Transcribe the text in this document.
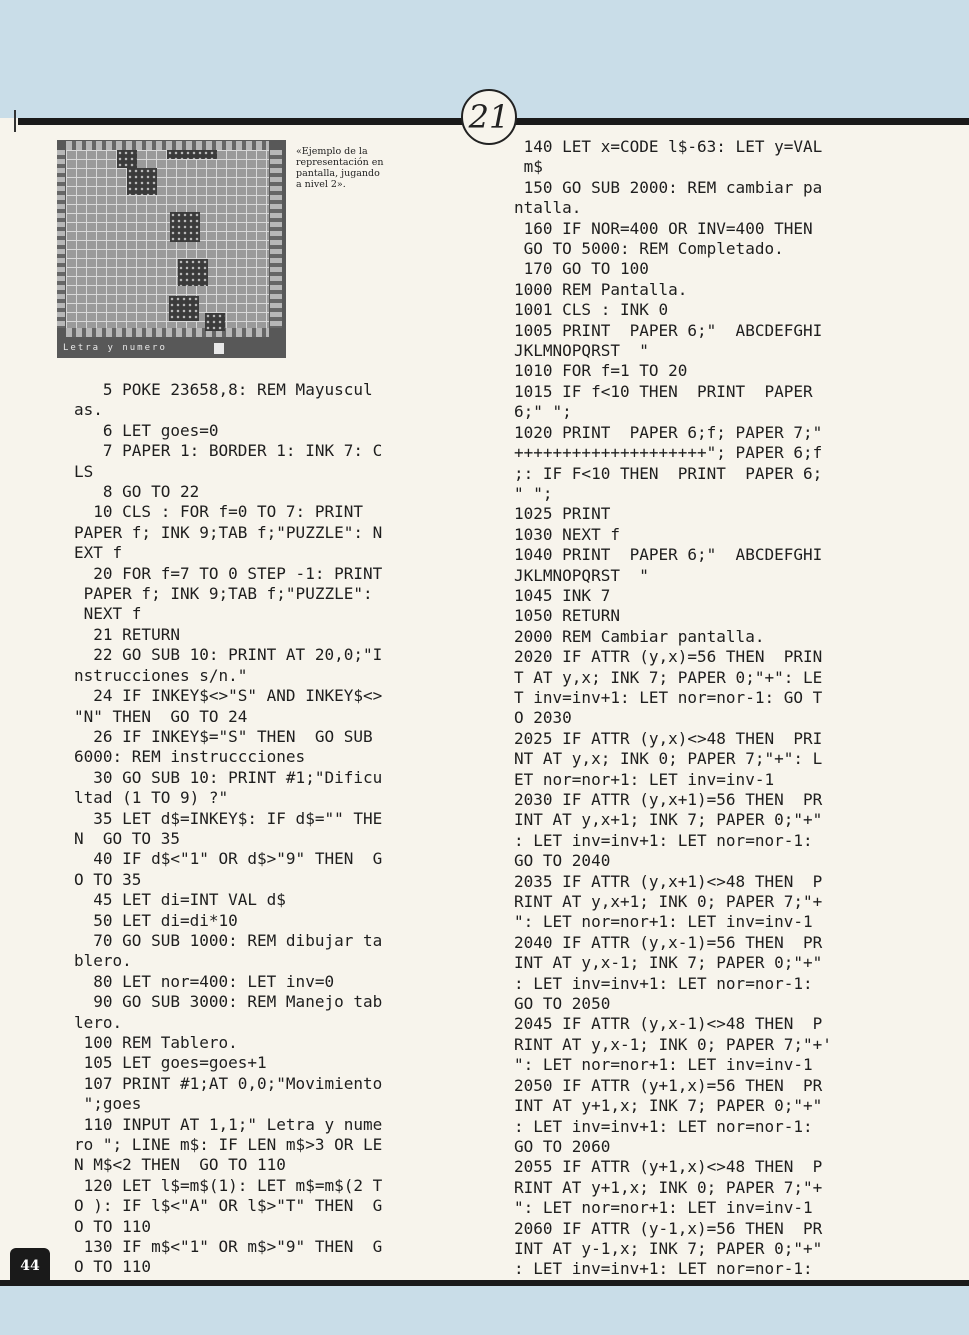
21
Letra y numero
«Ejemplo de la representación en pantalla, jugando a nivel 2».
5 POKE 23658,8: REM Mayuscul
as.
6 LET goes=0
7 PAPER 1: BORDER 1: INK 7: C
LS
8 GO TO 22
10 CLS : FOR f=0 TO 7: PRINT
PAPER f; INK 9;TAB f;"PUZZLE": N
EXT f
20 FOR f=7 TO 0 STEP -1: PRINT
PAPER f; INK 9;TAB f;"PUZZLE":
NEXT f
21 RETURN
22 GO SUB 10: PRINT AT 20,0;"I
nstrucciones s/n."
24 IF INKEY$<>"S" AND INKEY$<>
"N" THEN  GO TO 24
26 IF INKEY$="S" THEN  GO SUB
6000: REM instruccciones
30 GO SUB 10: PRINT #1;"Dificu
ltad (1 TO 9) ?"
35 LET d$=INKEY$: IF d$="" THE
N  GO TO 35
40 IF d$<"1" OR d$>"9" THEN  G
O TO 35
45 LET di=INT VAL d$
50 LET di=di*10
70 GO SUB 1000: REM dibujar ta
blero.
80 LET nor=400: LET inv=0
90 GO SUB 3000: REM Manejo tab
lero.
100 REM Tablero.
105 LET goes=goes+1
107 PRINT #1;AT 0,0;"Movimiento
";goes
110 INPUT AT 1,1;" Letra y nume
ro "; LINE m$: IF LEN m$>3 OR LE
N M$<2 THEN  GO TO 110
120 LET l$=m$(1): LET m$=m$(2 T
O ): IF l$<"A" OR l$>"T" THEN  G
O TO 110
130 IF m$<"1" OR m$>"9" THEN  G
O TO 110
140 LET x=CODE l$-63: LET y=VAL
m$
150 GO SUB 2000: REM cambiar pa
ntalla.
160 IF NOR=400 OR INV=400 THEN
GO TO 5000: REM Completado.
170 GO TO 100
1000 REM Pantalla.
1001 CLS : INK 0
1005 PRINT  PAPER 6;"  ABCDEFGHI
JKLMNOPQRST  "
1010 FOR f=1 TO 20
1015 IF f<10 THEN  PRINT  PAPER
6;" ";
1020 PRINT  PAPER 6;f; PAPER 7;"
++++++++++++++++++++"; PAPER 6;f
;: IF F<10 THEN  PRINT  PAPER 6;
" ";
1025 PRINT
1030 NEXT f
1040 PRINT  PAPER 6;"  ABCDEFGHI
JKLMNOPQRST  "
1045 INK 7
1050 RETURN
2000 REM Cambiar pantalla.
2020 IF ATTR (y,x)=56 THEN  PRIN
T AT y,x; INK 7; PAPER 0;"+": LE
T inv=inv+1: LET nor=nor-1: GO T
O 2030
2025 IF ATTR (y,x)<>48 THEN  PRI
NT AT y,x; INK 0; PAPER 7;"+": L
ET nor=nor+1: LET inv=inv-1
2030 IF ATTR (y,x+1)=56 THEN  PR
INT AT y,x+1; INK 7; PAPER 0;"+"
: LET inv=inv+1: LET nor=nor-1:
GO TO 2040
2035 IF ATTR (y,x+1)<>48 THEN  P
RINT AT y,x+1; INK 0; PAPER 7;"+
": LET nor=nor+1: LET inv=inv-1
2040 IF ATTR (y,x-1)=56 THEN  PR
INT AT y,x-1; INK 7; PAPER 0;"+"
: LET inv=inv+1: LET nor=nor-1:
GO TO 2050
2045 IF ATTR (y,x-1)<>48 THEN  P
RINT AT y,x-1; INK 0; PAPER 7;"+'
": LET nor=nor+1: LET inv=inv-1
2050 IF ATTR (y+1,x)=56 THEN  PR
INT AT y+1,x; INK 7; PAPER 0;"+"
: LET inv=inv+1: LET nor=nor-1:
GO TO 2060
2055 IF ATTR (y+1,x)<>48 THEN  P
RINT AT y+1,x; INK 0; PAPER 7;"+
": LET nor=nor+1: LET inv=inv-1
2060 IF ATTR (y-1,x)=56 THEN  PR
INT AT y-1,x; INK 7; PAPER 0;"+"
: LET inv=inv+1: LET nor=nor-1:
44
